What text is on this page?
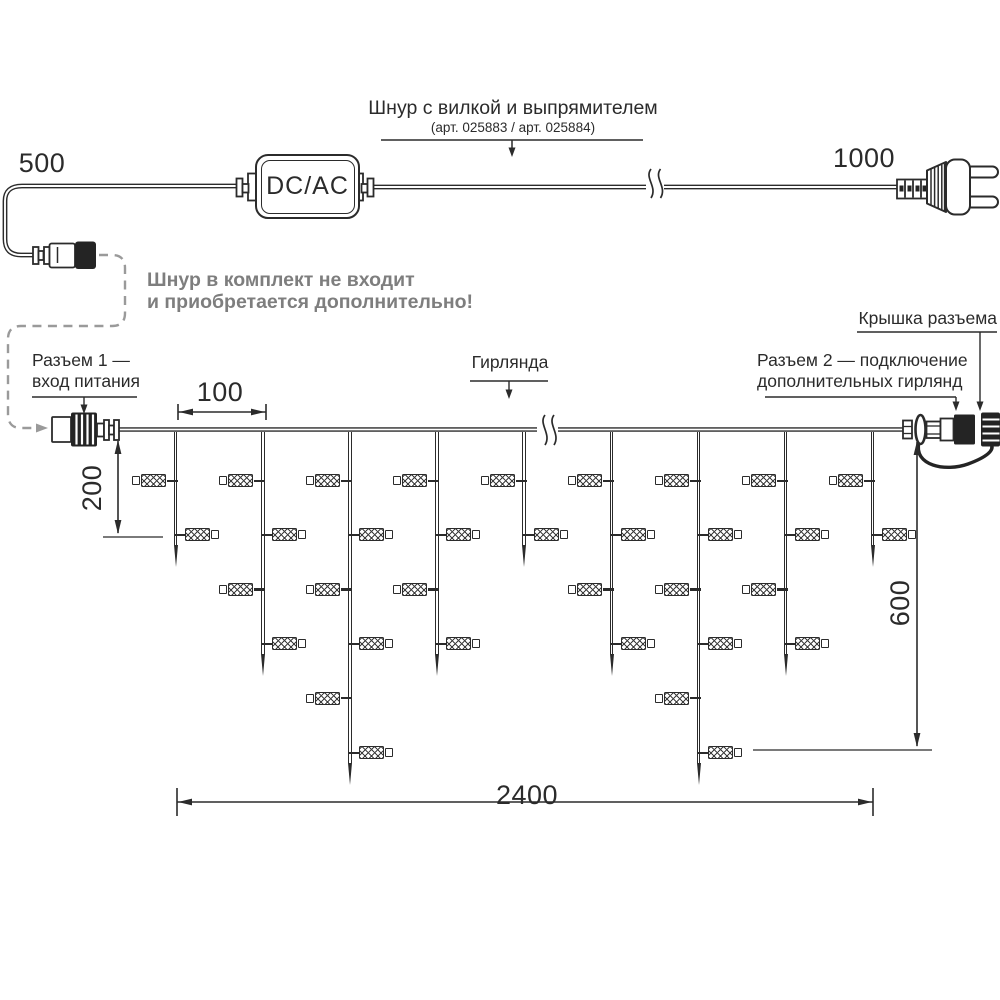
Шнур с вилкой и выпрямителем
(арт. 025883 / арт. 025884)
500	1000
DC/AC
Шнур в комплект не входит
и приобретается дополнительно!
Разъем 1 —
вход питания
Гирлянда	Разъем 2 — подключение
дополнительных гирлянд
Крышка разъема
100
200
600
2400
